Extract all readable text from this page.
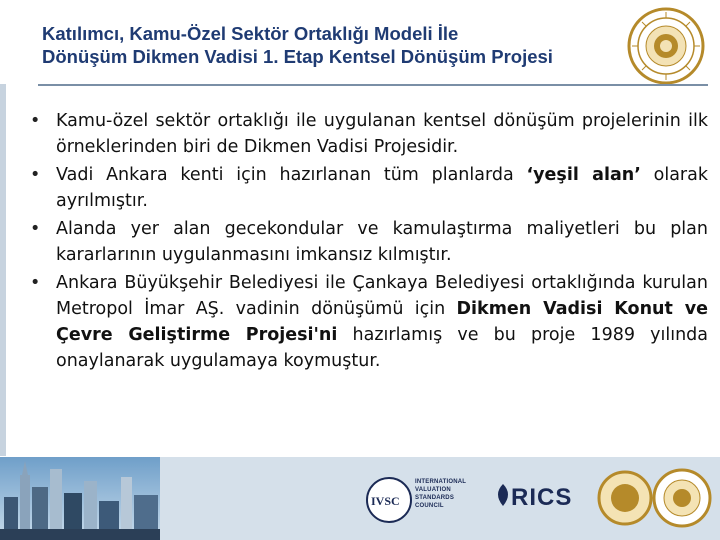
Katılımcı, Kamu-Özel Sektör Ortaklığı Modeli İle
Dönüşüm Dikmen Vadisi 1. Etap Kentsel Dönüşüm Projesi
• Kamu-özel sektör ortaklığı ile uygulanan kentsel dönüşüm projelerinin ilk örneklerinden biri de Dikmen Vadisi Projesidir.
• Vadi Ankara kenti için hazırlanan tüm planlarda ‘yeşil alan’ olarak ayrılmıştır.
• Alanda yer alan gecekondular ve kamulaştırma maliyetleri bu plan kararlarının uygulanmasını imkansız kılmıştır.
• Ankara Büyükşehir Belediyesi ile Çankaya Belediyesi ortaklığında kurulan Metropol İmar AŞ. vadinin dönüşümü için Dikmen Vadisi Konut ve Çevre Geliştirme Projesi'ni hazırlamış ve bu proje 1989 yılında onaylanarak uygulamaya koymuştur.
IVSC
INTERNATIONAL
VALUATION
STANDARDS
COUNCIL	RICS
